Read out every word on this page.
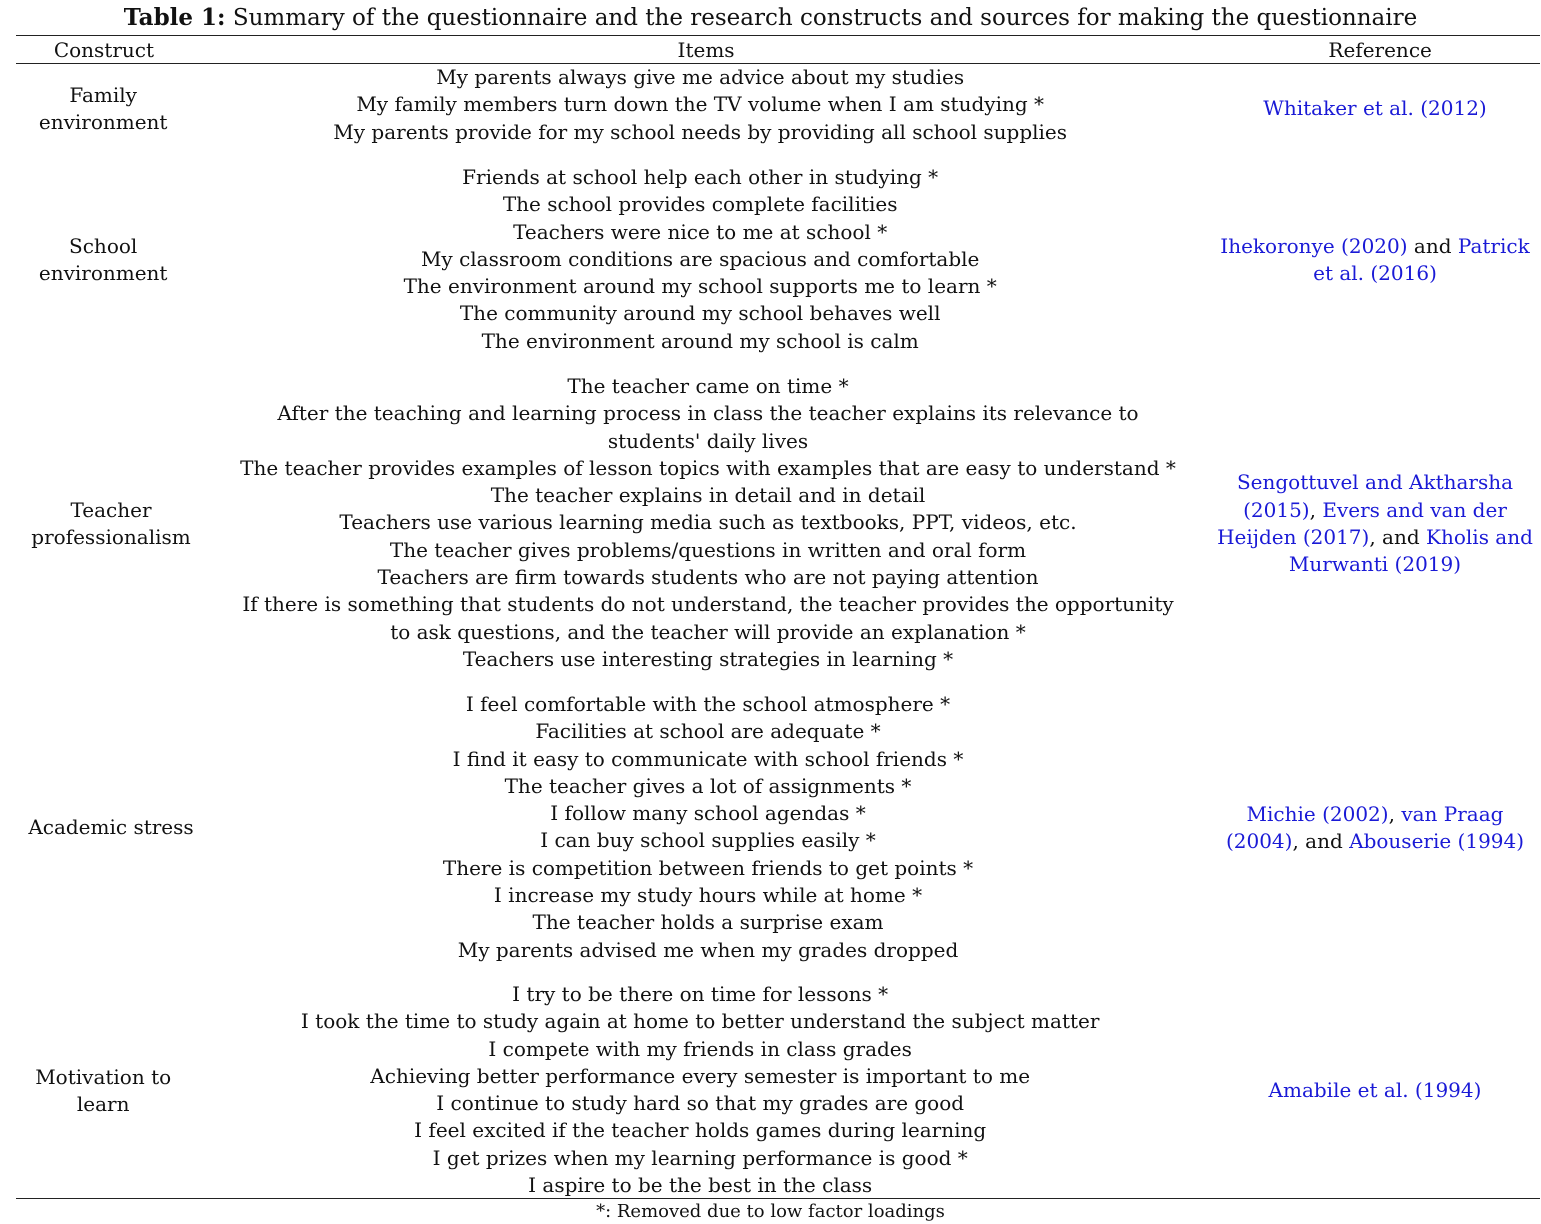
Table 1: Summary of the questionnaire and the research constructs and sources for making the questionnaire
Construct	Items	Reference
Family environment
My parents always give me advice about my studies
My family members turn down the TV volume when I am studying *
My parents provide for my school needs by providing all school supplies
Whitaker et al. (2012)
School environment
Friends at school help each other in studying *
The school provides complete facilities
Teachers were nice to me at school *
My classroom conditions are spacious and comfortable
The environment around my school supports me to learn *
The community around my school behaves well
The environment around my school is calm
Ihekoronye (2020) and Patrick et al. (2016)
Teacher professionalism
The teacher came on time *
After the teaching and learning process in class the teacher explains its relevance to students' daily lives
The teacher provides examples of lesson topics with examples that are easy to understand *
The teacher explains in detail and in detail
Teachers use various learning media such as textbooks, PPT, videos, etc.
The teacher gives problems/questions in written and oral form
Teachers are firm towards students who are not paying attention
If there is something that students do not understand, the teacher provides the opportunity to ask questions, and the teacher will provide an explanation *
Teachers use interesting strategies in learning *
Sengottuvel and Aktharsha (2015), Evers and van der Heijden (2017), and Kholis and Murwanti (2019)
Academic stress
I feel comfortable with the school atmosphere *
Facilities at school are adequate *
I find it easy to communicate with school friends *
The teacher gives a lot of assignments *
I follow many school agendas *
I can buy school supplies easily *
There is competition between friends to get points *
I increase my study hours while at home *
The teacher holds a surprise exam
My parents advised me when my grades dropped
Michie (2002), van Praag (2004), and Abouserie (1994)
Motivation to learn
I try to be there on time for lessons *
I took the time to study again at home to better understand the subject matter
I compete with my friends in class grades
Achieving better performance every semester is important to me
I continue to study hard so that my grades are good
I feel excited if the teacher holds games during learning
I get prizes when my learning performance is good *
I aspire to be the best in the class
Amabile et al. (1994)
*: Removed due to low factor loadings
